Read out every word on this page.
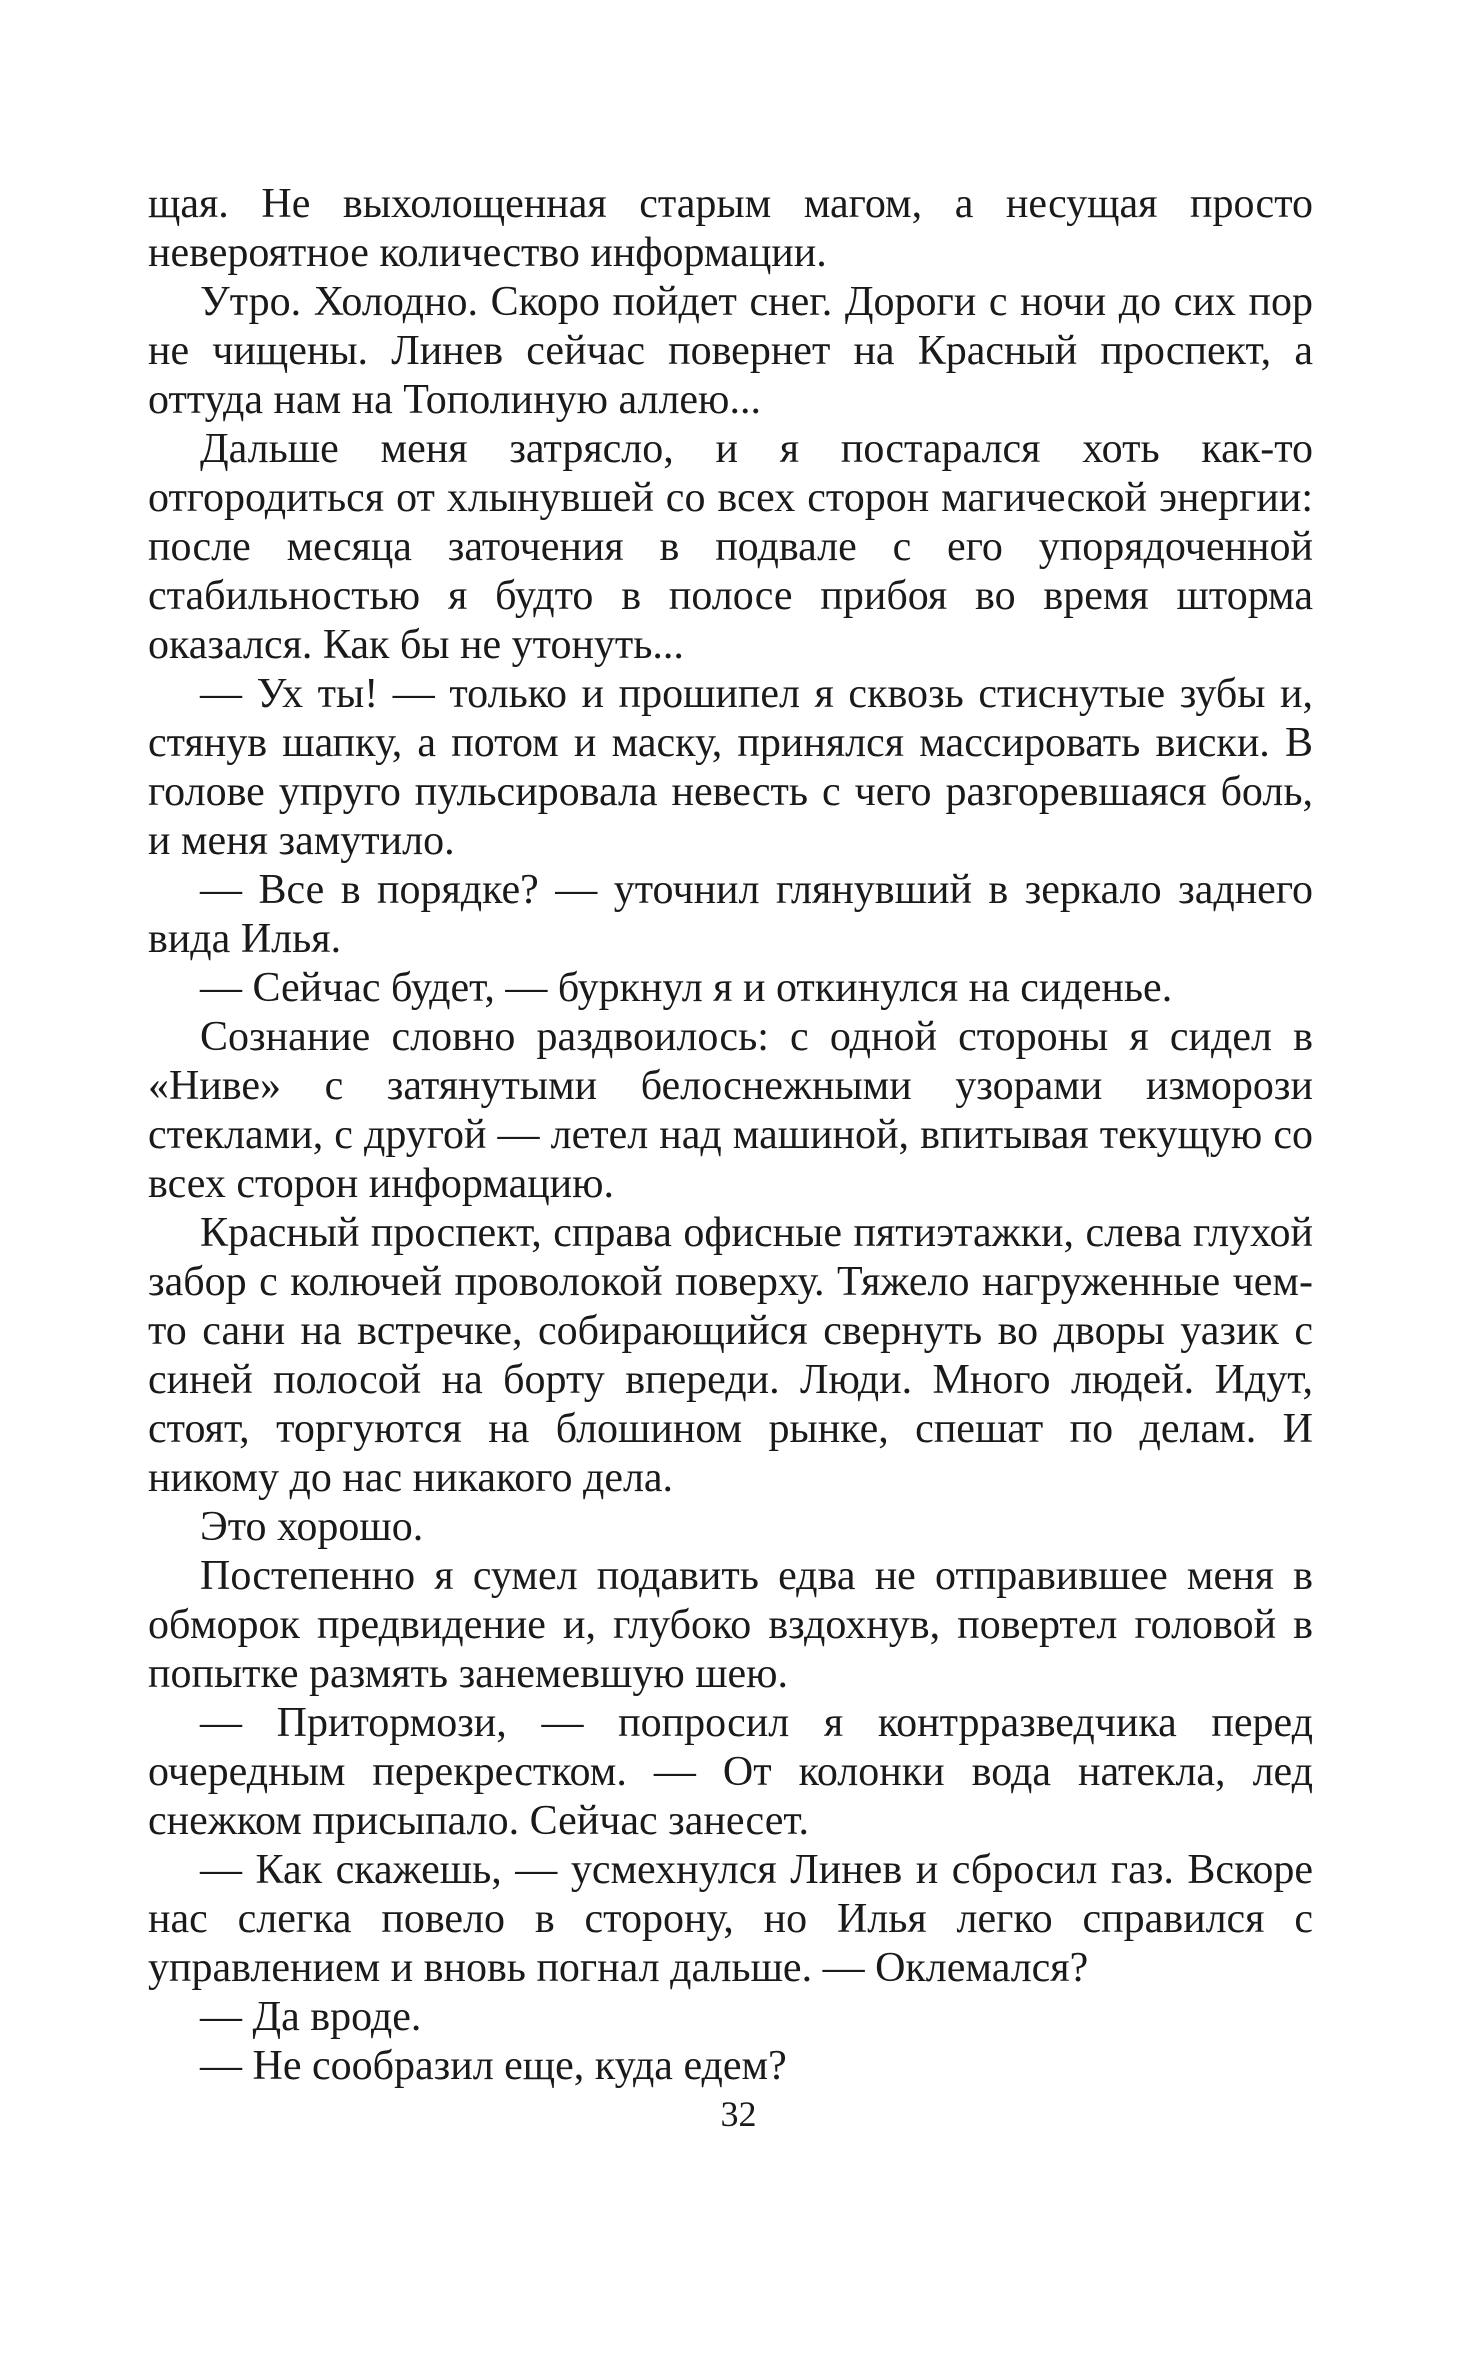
щая. Не выхолощенная старым магом, а несущая просто невероятное количество информации.

Утро. Холодно. Скоро пойдет снег. Дороги с ночи до сих пор не чищены. Линев сейчас повернет на Красный проспект, а оттуда нам на Тополиную аллею...

Дальше меня затрясло, и я постарался хоть как-то отгородиться от хлынувшей со всех сторон магической энергии: после месяца заточения в подвале с его упорядоченной стабильностью я будто в полосе прибоя во время шторма оказался. Как бы не утонуть...

— Ух ты! — только и прошипел я сквозь стиснутые зубы и, стянув шапку, а потом и маску, принялся массировать виски. В голове упруго пульсировала невесть с чего разгоревшаяся боль, и меня замутило.

— Все в порядке? — уточнил глянувший в зеркало заднего вида Илья.

— Сейчас будет, — буркнул я и откинулся на сиденье.

Сознание словно раздвоилось: с одной стороны я сидел в «Ниве» с затянутыми белоснежными узорами изморози стеклами, с другой — летел над машиной, впитывая текущую со всех сторон информацию.

Красный проспект, справа офисные пятиэтажки, слева глухой забор с колючей проволокой поверху. Тяжело нагруженные чем-то сани на встречке, собирающийся свернуть во дворы уазик с синей полосой на борту впереди. Люди. Много людей. Идут, стоят, торгуются на блошином рынке, спешат по делам. И никому до нас никакого дела.

Это хорошо.

Постепенно я сумел подавить едва не отправившее меня в обморок предвидение и, глубоко вздохнув, повертел головой в попытке размять занемевшую шею.

— Притормози, — попросил я контрразведчика перед очередным перекрестком. — От колонки вода натекла, лед снежком присыпало. Сейчас занесет.

— Как скажешь, — усмехнулся Линев и сбросил газ. Вскоре нас слегка повело в сторону, но Илья легко справился с управлением и вновь погнал дальше. — Оклемался?

— Да вроде.

— Не сообразил еще, куда едем?

32
